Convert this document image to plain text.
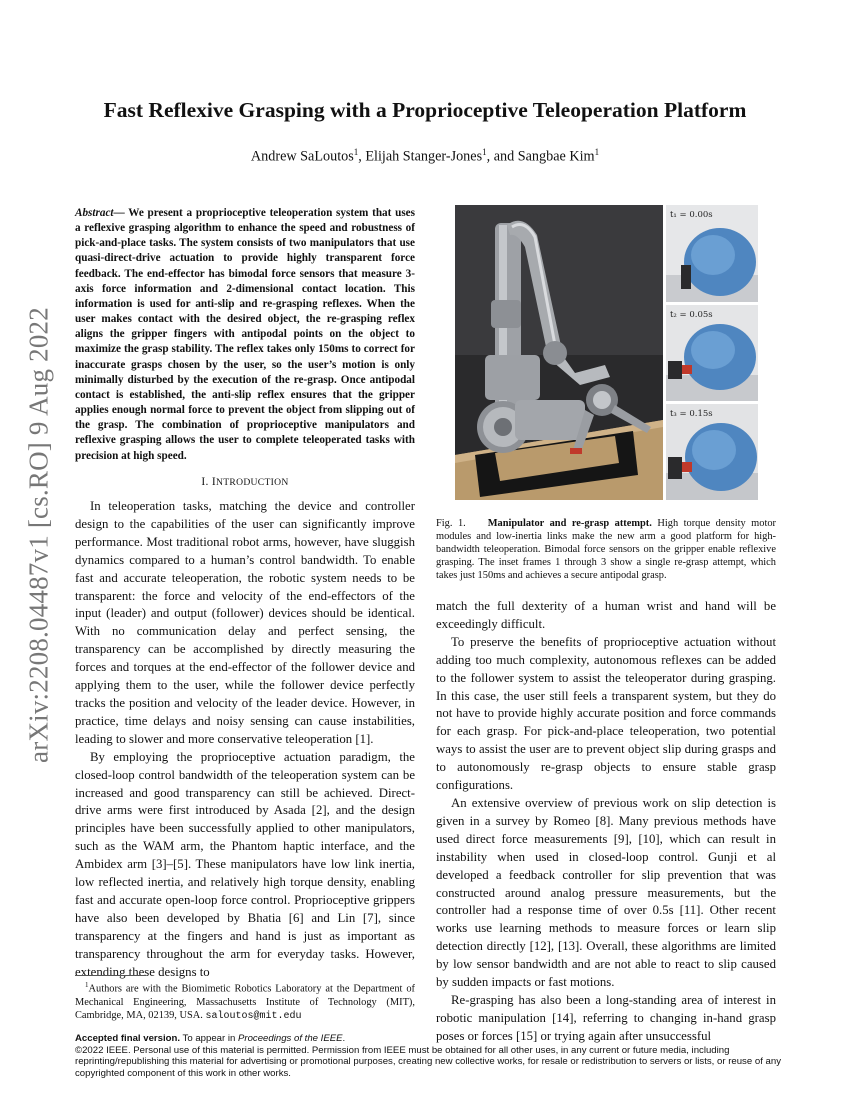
arXiv:2208.04487v1 [cs.RO] 9 Aug 2022
Fast Reflexive Grasping with a Proprioceptive Teleoperation Platform
Andrew SaLoutos$^1$, Elijah Stanger-Jones$^1$, and Sangbae Kim$^1$
Abstract— We present a proprioceptive teleoperation system that uses a reflexive grasping algorithm to enhance the speed and robustness of pick-and-place tasks. The system consists of two manipulators that use quasi-direct-drive actuation to provide highly transparent force feedback. The end-effector has bimodal force sensors that measure 3-axis force information and 2-dimensional contact location. This information is used for anti-slip and re-grasping reflexes. When the user makes contact with the desired object, the re-grasping reflex aligns the gripper fingers with antipodal points on the object to maximize the grasp stability. The reflex takes only 150ms to correct for inaccurate grasps chosen by the user, so the user’s motion is only minimally disturbed by the execution of the re-grasp. Once antipodal contact is established, the anti-slip reflex ensures that the gripper applies enough normal force to prevent the object from slipping out of the grasp. The combination of proprioceptive manipulators and reflexive grasping allows the user to complete teleoperated tasks with precision at high speed.
I. INTRODUCTION

In teleoperation tasks, matching the device and controller design to the capabilities of the user can significantly improve performance. Most traditional robot arms, however, have sluggish dynamics compared to a human’s control bandwidth. To enable fast and accurate teleoperation, the robotic system needs to be transparent: the force and velocity of the end-effectors of the input (leader) and output (follower) devices should be identical. With no communication delay and perfect sensing, the transparency can be accomplished by directly measuring the forces and torques at the end-effector of the follower device and applying them to the user, while the follower device perfectly tracks the position and velocity of the leader device. However, in practice, time delays and noisy sensing can cause instabilities, leading to slower and more conservative teleoperation [1].

By employing the proprioceptive actuation paradigm, the closed-loop control bandwidth of the teleoperation system can be increased and good transparency can still be achieved. Direct-drive arms were first introduced by Asada [2], and the design principles have been successfully applied to other manipulators, such as the WAM arm, the Phantom haptic interface, and the Ambidex arm [3]–[5]. These manipulators have low link inertia, low reflected inertia, and relatively high torque density, enabling fast and accurate open-loop force control. Proprioceptive grippers have also been developed by Bhatia [6] and Lin [7], since transparency at the fingers and hand is just as important as transparency throughout the arm for everyday tasks. However, extending these designs to

$^1$Authors are with the Biomimetic Robotics Laboratory at the Department of Mechanical Engineering, Massachusetts Institute of Technology (MIT), Cambridge, MA, 02139, USA. saloutos@mit.edu

t₁ = 0.00s
t₂ = 0.05s
t₃ = 0.15s
Fig. 1. Manipulator and re-grasp attempt. High torque density motor modules and low-inertia links make the new arm a good platform for high-bandwidth teleoperation. Bimodal force sensors on the gripper enable reflexive grasping. The inset frames 1 through 3 show a single re-grasp attempt, which takes just 150ms and achieves a secure antipodal grasp.

match the full dexterity of a human wrist and hand will be exceedingly difficult.

To preserve the benefits of proprioceptive actuation without adding too much complexity, autonomous reflexes can be added to the follower system to assist the teleoperator during grasping. In this case, the user still feels a transparent system, but they do not have to provide highly accurate position and force commands for each grasp. For pick-and-place teleoperation, two potential ways to assist the user are to prevent object slip during grasps and to autonomously re-grasp objects to ensure stable grasp configurations.

An extensive overview of previous work on slip detection is given in a survey by Romeo [8]. Many previous methods have used direct force measurements [9], [10], which can result in instability when used in closed-loop control. Gunji et al developed a feedback controller for slip prevention that was constructed around analog pressure measurements, but the controller had a response time of over 0.5s [11]. Other recent works use learning methods to measure forces or learn slip detection directly [12], [13]. Overall, these algorithms are limited by low sensor bandwidth and are not able to react to slip caused by sudden impacts or fast motions.

Re-grasping has also been a long-standing area of interest in robotic manipulation [14], referring to changing in-hand grasp poses or forces [15] or trying again after unsuccessful

Accepted final version. To appear in Proceedings of the IEEE.

©2022 IEEE. Personal use of this material is permitted. Permission from IEEE must be obtained for all other uses, in any current or future media, including reprinting/republishing this material for advertising or promotional purposes, creating new collective works, for resale or redistribution to servers or lists, or reuse of any copyrighted component of this work in other works.
